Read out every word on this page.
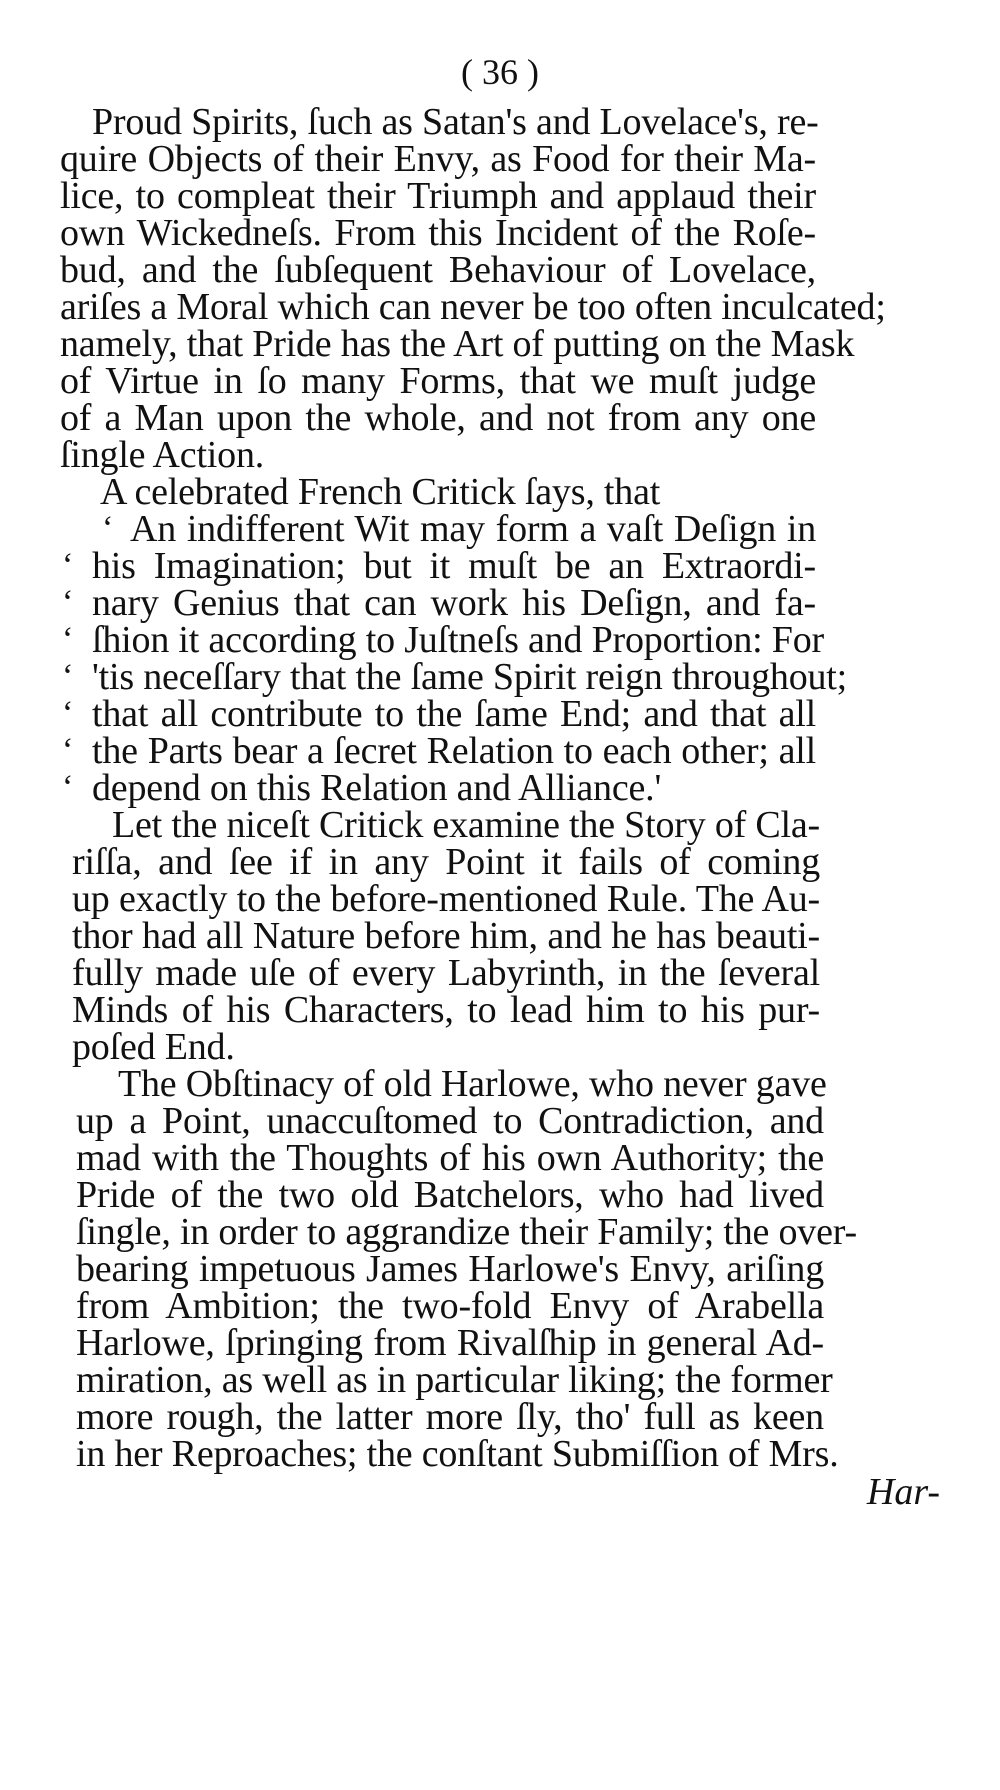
( 36 )
Proud Spirits, ſuch as Satan's and Lovelace's, re-
quire Objects of their Envy, as Food for their Ma-
lice, to compleat their Triumph and applaud their
own Wickedneſs. From this Incident of the Roſe-
bud, and the ſubſequent Behaviour of Lovelace,
ariſes a Moral which can never be too often inculcated;
namely, that Pride has the Art of putting on the Mask
of Virtue in ſo many Forms, that we muſt judge
of a Man upon the whole, and not from any one
ſingle Action.
A celebrated French Critick ſays, that
‘ An indifferent Wit may form a vaſt Deſign in
‘ his Imagination; but it muſt be an Extraordi-
‘ nary Genius that can work his Deſign, and fa-
‘ ſhion it according to Juſtneſs and Proportion: For
‘ 'tis neceſſary that the ſame Spirit reign throughout;
‘ that all contribute to the ſame End; and that all
‘ the Parts bear a ſecret Relation to each other; all
‘ depend on this Relation and Alliance.'
Let the niceſt Critick examine the Story of Cla-
riſſa, and ſee if in any Point it fails of coming
up exactly to the before-mentioned Rule. The Au-
thor had all Nature before him, and he has beauti-
fully made uſe of every Labyrinth, in the ſeveral
Minds of his Characters, to lead him to his pur-
poſed End.
The Obſtinacy of old Harlowe, who never gave
up a Point, unaccuſtomed to Contradiction, and
mad with the Thoughts of his own Authority; the
Pride of the two old Batchelors, who had lived
ſingle, in order to aggrandize their Family; the over-
bearing impetuous James Harlowe's Envy, ariſing
from Ambition; the two-fold Envy of Arabella
Harlowe, ſpringing from Rivalſhip in general Ad-
miration, as well as in particular liking; the former
more rough, the latter more ſly, tho' full as keen
in her Reproaches; the conſtant Submiſſion of Mrs.
Har-
